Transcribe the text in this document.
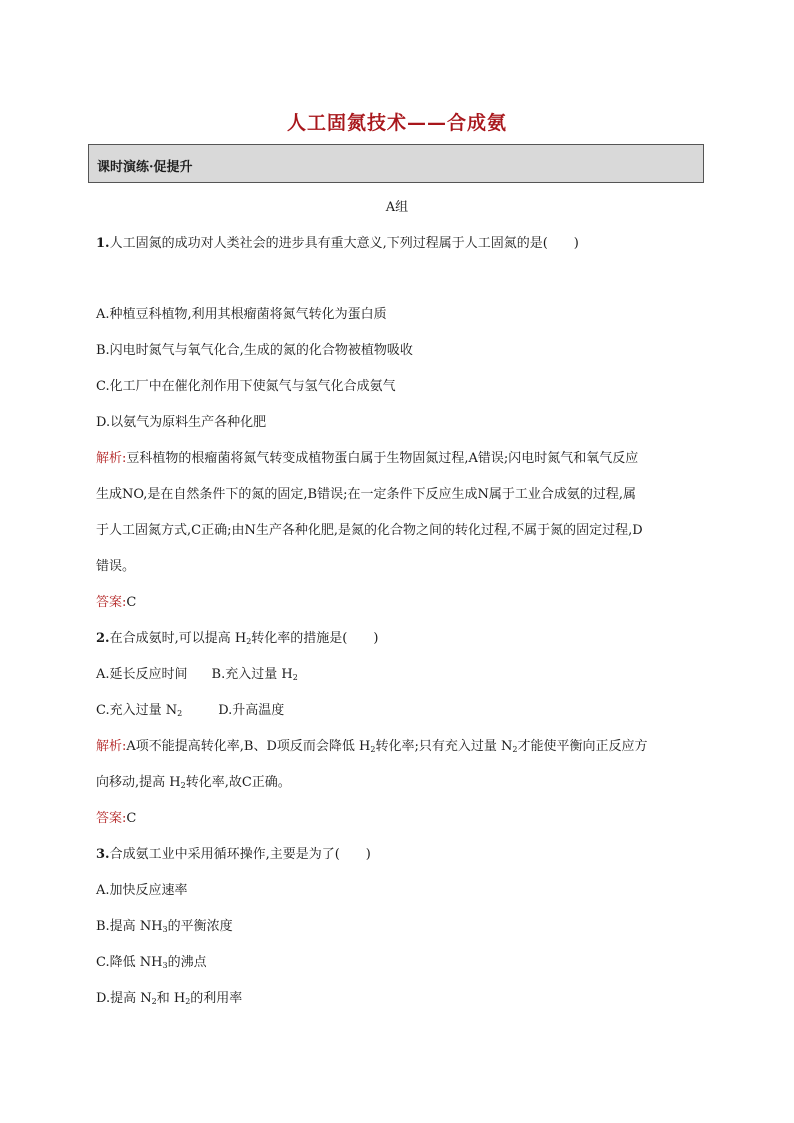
人工固氮技术——合成氨
课时演练·促提升
A组
1.人工固氮的成功对人类社会的进步具有重大意义,下列过程属于人工固氮的是(　　)
A.种植豆科植物,利用其根瘤菌将氮气转化为蛋白质
B.闪电时氮气与氧气化合,生成的氮的化合物被植物吸收
C.化工厂中在催化剂作用下使氮气与氢气化合成氨气
D.以氨气为原料生产各种化肥
解析:豆科植物的根瘤菌将氮气转变成植物蛋白属于生物固氮过程,A错误;闪电时氮气和氧气反应
生成NO,是在自然条件下的氮的固定,B错误;在一定条件下反应生成N属于工业合成氨的过程,属
于人工固氮方式,C正确;由N生产各种化肥,是氮的化合物之间的转化过程,不属于氮的固定过程,D
错误。
答案:C
2.在合成氨时,可以提高 $H_2$转化率的措施是(　　)
A.延长反应时间 B.充入过量 $H_2$
C.充入过量 $N_2$	D.升高温度
解析:A项不能提高转化率,B、D项反而会降低 $H_2$转化率;只有充入过量 $N_2$才能使平衡向正反应方
向移动,提高 $H_2$转化率,故C正确。
答案:C
3.合成氨工业中采用循环操作,主要是为了(　　)
A.加快反应速率
B.提高 $NH_3$的平衡浓度
C.降低 $NH_3$的沸点
D.提高 $N_2$和 $H_2$的利用率
